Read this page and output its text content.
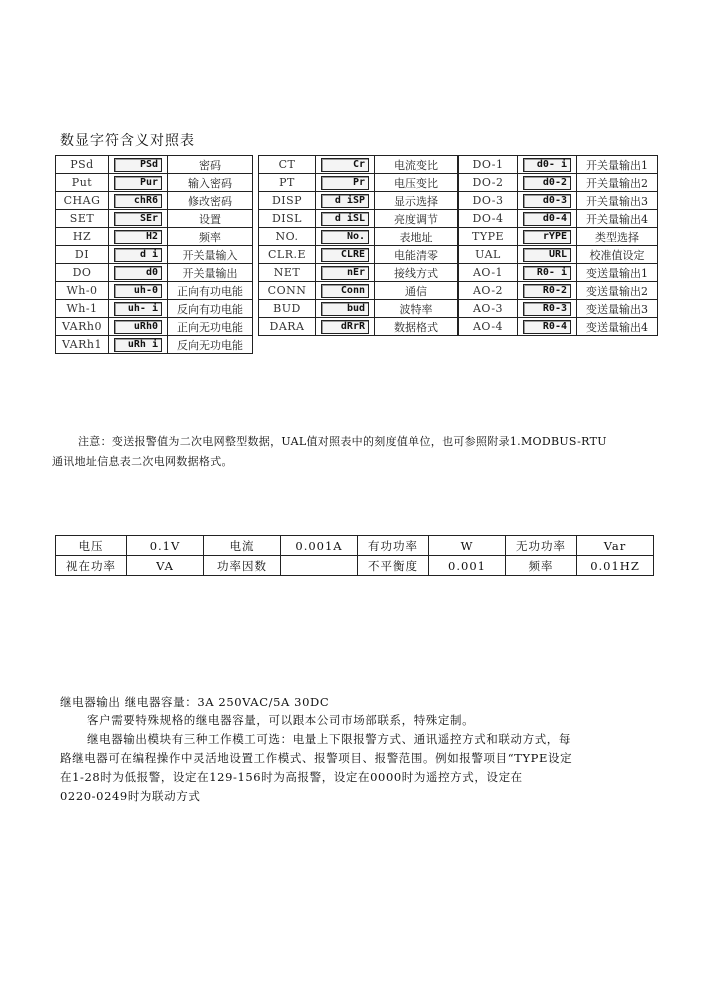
数显字符含义对照表
PSd	PSd	密码
Put	Pur	输入密码
CHAG	chR6	修改密码
SET	SEr	设置
HZ	H2	频率
DI	d i	开关量输入
DO	d0	开关量输出
Wh-0	uh-0	正向有功电能
Wh-1	uh- i	反向有功电能
VARh0	uRh0	正向无功电能
VARh1	uRh i	反向无功电能
CT	Cr	电流变比
PT	Pr	电压变比
DISP	d iSP	显示选择
DISL	d iSL	亮度调节
NO.	No.	表地址
CLR.E	CLRE	电能清零
NET	nEr	接线方式
CONN	Conn	通信
BUD	bud	波特率
DARA	dRrR	数据格式
DO-1	d0- i	开关量输出1
DO-2	d0-2	开关量输出2
DO-3	d0-3	开关量输出3
DO-4	d0-4	开关量输出4
TYPE	rYPE	类型选择
UAL	URL	校准值设定
AO-1	R0- i	变送量输出1
AO-2	R0-2	变送量输出2
AO-3	R0-3	变送量输出3
AO-4	R0-4	变送量输出4
注意：变送报警值为二次电网整型数据，UAL值对照表中的刻度值单位，也可参照附录1.MODBUS-RTU
通讯地址信息表二次电网数据格式。
电压	0.1V	电流	0.001A	有功功率	W	无功功率	Var
视在功率	VA	功率因数		不平衡度	0.001	频率	0.01HZ
继电器输出 继电器容量：3A 250VAC/5A 30DC
客户需要特殊规格的继电器容量，可以跟本公司市场部联系，特殊定制。
继电器输出模块有三种工作模工可选：电量上下限报警方式、通讯遥控方式和联动方式，每
路继电器可在编程操作中灵活地设置工作模式、报警项目、报警范围。例如报警项目“TYPE设定
在1-28时为低报警，设定在129-156时为高报警，设定在0000时为遥控方式，设定在
0220-0249时为联动方式
